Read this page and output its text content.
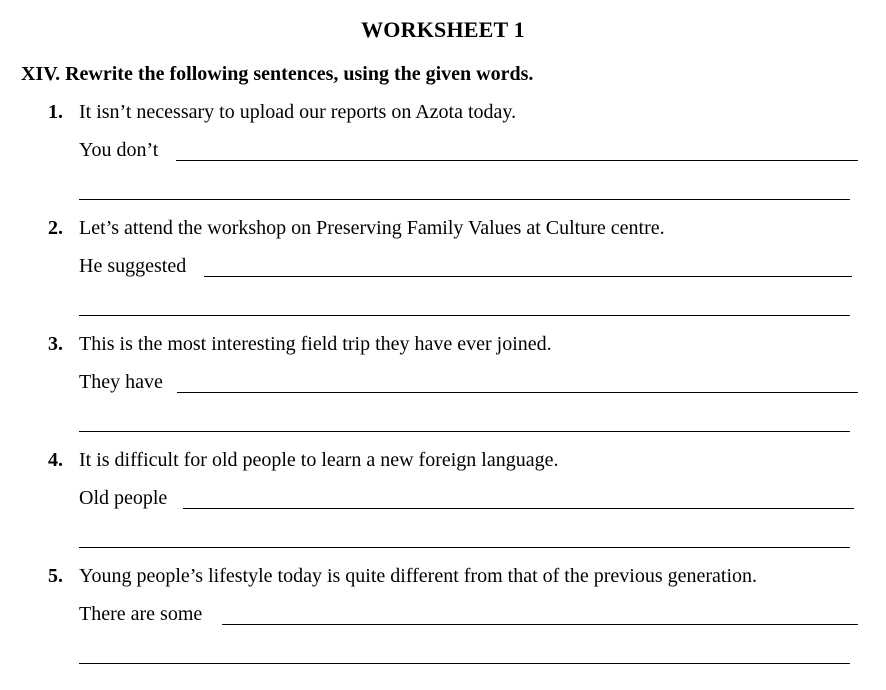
WORKSHEET 1
XIV. Rewrite the following sentences, using the given words.
1. It isn’t necessary to upload our reports on Azota today.
You don’t
2. Let’s attend the workshop on Preserving Family Values at Culture centre.
He suggested
3. This is the most interesting field trip they have ever joined.
They have
4. It is difficult for old people to learn a new foreign language.
Old people
5. Young people’s lifestyle today is quite different from that of the previous generation.
There are some
